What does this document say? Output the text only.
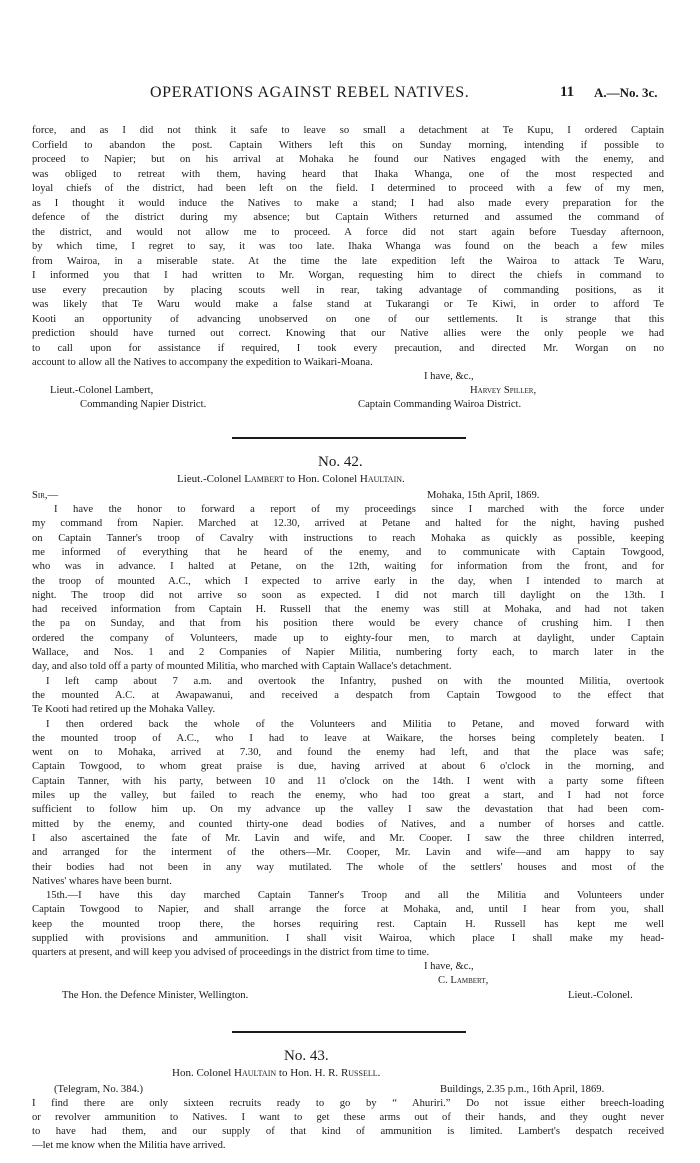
OPERATIONS AGAINST REBEL NATIVES.	11 A.—No. 3c.
force, and as I did not think it safe to leave so small a detachment at Te Kupu, I ordered Captain
Corfield to abandon the post. Captain Withers left this on Sunday morning, intending if possible to
proceed to Napier; but on his arrival at Mohaka he found our Natives engaged with the enemy, and
was obliged to retreat with them, having heard that Ihaka Whanga, one of the most respected and
loyal chiefs of the district, had been left on the field. I determined to proceed with a few of my men,
as I thought it would induce the Natives to make a stand; I had also made every preparation for the
defence of the district during my absence; but Captain Withers returned and assumed the command of
the district, and would not allow me to proceed. A force did not start again before Tuesday afternoon,
by which time, I regret to say, it was too late. Ihaka Whanga was found on the beach a few miles
from Wairoa, in a miserable state. At the time the late expedition left the Wairoa to attack Te Waru,
I informed you that I had written to Mr. Worgan, requesting him to direct the chiefs in command to
use every precaution by placing scouts well in rear, taking advantage of commanding positions, as it
was likely that Te Waru would make a false stand at Tukarangi or Te Kiwi, in order to afford Te
Kooti an opportunity of advancing unobserved on one of our settlements. It is strange that this
prediction should have turned out correct. Knowing that our Native allies were the only people we had
to call upon for assistance if required, I took every precaution, and directed Mr. Worgan on no
account to allow all the Natives to accompany the expedition to Waikari-Moana.
I have, &c.,
Lieut.-Colonel Lambert,	Harvey Spiller,
Commanding Napier District.	Captain Commanding Wairoa District.
No. 42.
Lieut.-Colonel Lambert to Hon. Colonel Haultain.
Sir,—	Mohaka, 15th April, 1869.
I have the honor to forward a report of my proceedings since I marched with the force under
my command from Napier. Marched at 12.30, arrived at Petane and halted for the night, having pushed
on Captain Tanner's troop of Cavalry with instructions to reach Mohaka as quickly as possible, keeping
me informed of everything that he heard of the enemy, and to communicate with Captain Towgood,
who was in advance. I halted at Petane, on the 12th, waiting for information from the front, and for
the troop of mounted A.C., which I expected to arrive early in the day, when I intended to march at
night. The troop did not arrive so soon as expected. I did not march till daylight on the 13th. I
had received information from Captain H. Russell that the enemy was still at Mohaka, and had not taken
the pa on Sunday, and that from his position there would be every chance of crushing him. I then
ordered the company of Volunteers, made up to eighty-four men, to march at daylight, under Captain
Wallace, and Nos. 1 and 2 Companies of Napier Militia, numbering forty each, to march later in the
day, and also told off a party of mounted Militia, who marched with Captain Wallace's detachment.
I left camp about 7 a.m. and overtook the Infantry, pushed on with the mounted Militia, overtook
the mounted A.C. at Awapawanui, and received a despatch from Captain Towgood to the effect that
Te Kooti had retired up the Mohaka Valley.
I then ordered back the whole of the Volunteers and Militia to Petane, and moved forward with
the mounted troop of A.C., who I had to leave at Waikare, the horses being completely beaten. I
went on to Mohaka, arrived at 7.30, and found the enemy had left, and that the place was safe;
Captain Towgood, to whom great praise is due, having arrived at about 6 o'clock in the morning, and
Captain Tanner, with his party, between 10 and 11 o'clock on the 14th. I went with a party some fifteen
miles up the valley, but failed to reach the enemy, who had too great a start, and I had not force
sufficient to follow him up. On my advance up the valley I saw the devastation that had been com-
mitted by the enemy, and counted thirty-one dead bodies of Natives, and a number of horses and cattle.
I also ascertained the fate of Mr. Lavin and wife, and Mr. Cooper. I saw the three children interred,
and arranged for the interment of the others—Mr. Cooper, Mr. Lavin and wife—and am happy to say
their bodies had not been in any way mutilated. The whole of the settlers' houses and most of the
Natives' whares have been burnt.
15th.—I have this day marched Captain Tanner's Troop and all the Militia and Volunteers under
Captain Towgood to Napier, and shall arrange the force at Mohaka, and, until I hear from you, shall
keep the mounted troop there, the horses requiring rest. Captain H. Russell has kept me well
supplied with provisions and ammunition. I shall visit Wairoa, which place I shall make my head-
quarters at present, and will keep you advised of proceedings in the district from time to time.
I have, &c.,
C. Lambert,
The Hon. the Defence Minister, Wellington.	Lieut.-Colonel.
No. 43.
Hon. Colonel Haultain to Hon. H. R. Russell.
(Telegram, No. 384.)	Buildings, 2.35 p.m., 16th April, 1869.
I find there are only sixteen recruits ready to go by “ Ahuriri.” Do not issue either breech-loading
or revolver ammunition to Natives. I want to get these arms out of their hands, and they ought never
to have had them, and our supply of that kind of ammunition is limited. Lambert's despatch received
—let me know when the Militia have arrived.
